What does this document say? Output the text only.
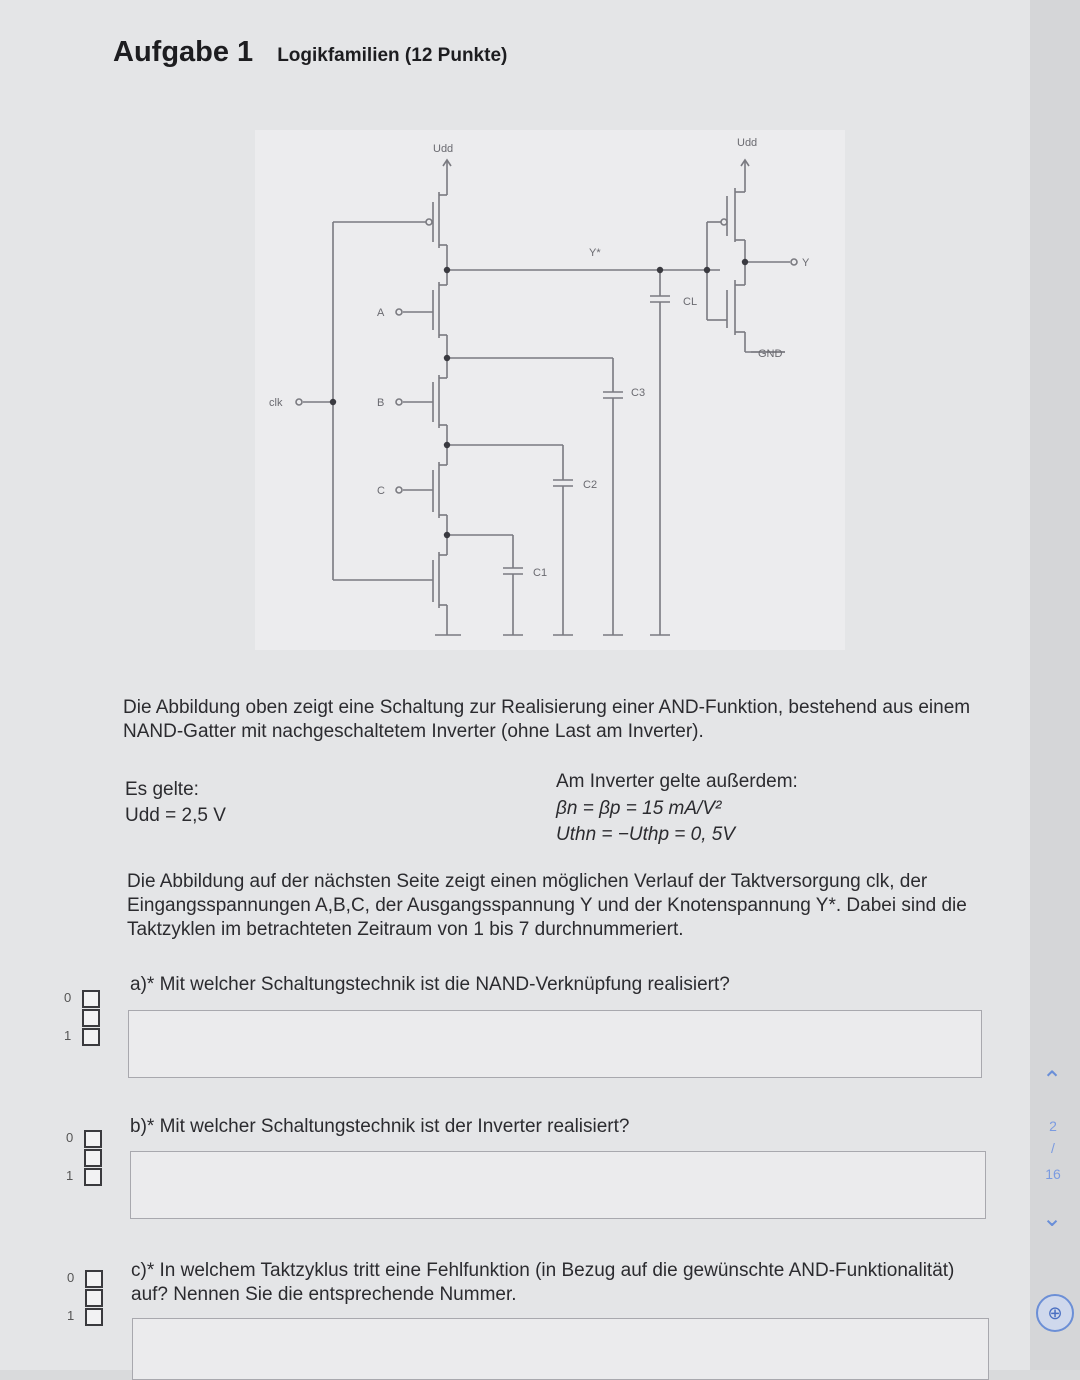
Aufgabe 1 Logikfamilien (12 Punkte)
Udd	Udd
Y*
Y
GND
CL
A
B
C
clk
C1
C2
C3
Die Abbildung oben zeigt eine Schaltung zur Realisierung einer AND-Funktion, bestehend aus einem NAND-Gatter mit nachgeschaltetem Inverter (ohne Last am Inverter).
Es gelte:
Udd = 2,5 V
Am Inverter gelte außerdem:
βn = βp = 15 mA/V²
Uthn = −Uthp = 0, 5V
Die Abbildung auf der nächsten Seite zeigt einen möglichen Verlauf der Taktversorgung clk, der Eingangsspannungen A,B,C, der Ausgangsspannung Y und der Knotenspannung Y*. Dabei sind die Taktzyklen im betrachteten Zeitraum von 1 bis 7 durchnummeriert.
0
1
a)* Mit welcher Schaltungstechnik ist die NAND-Verknüpfung realisiert?
0
1
b)* Mit welcher Schaltungstechnik ist der Inverter realisiert?
0
1
c)* In welchem Taktzyklus tritt eine Fehlfunktion (in Bezug auf die gewünschte AND-Funktionalität) auf? Nennen Sie die entsprechende Nummer.
⌃
2
/
16
⌄
⊕
